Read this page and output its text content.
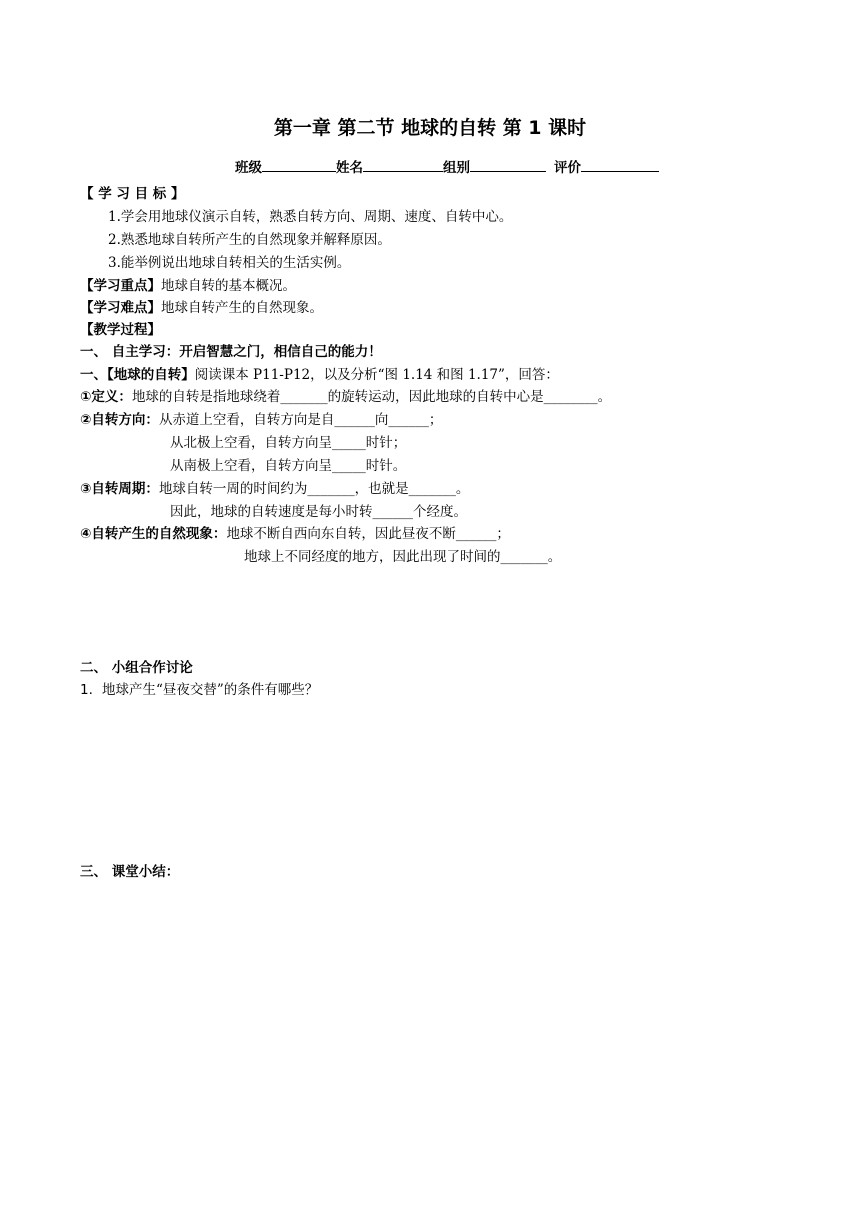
第一章 第二节 地球的自转 第 1 课时
班级	姓名	组别	评价
【 学 习 目 标 】
1.学会用地球仪演示自转，熟悉自转方向、周期、速度、自转中心。
2.熟悉地球自转所产生的自然现象并解释原因。
3.能举例说出地球自转相关的生活实例。
【学习重点】地球自转的基本概况。
【学习难点】地球自转产生的自然现象。
【教学过程】
一、 自主学习：开启智慧之门，相信自己的能力！
一、【地球的自转】阅读课本 P11-P12，以及分析“图 1.14 和图 1.17”，回答：
①定义：地球的自转是指地球绕着_______的旋转运动，因此地球的自转中心是________。
②自转方向：从赤道上空看，自转方向是自______向______；
从北极上空看，自转方向呈_____时针；
从南极上空看，自转方向呈_____时针。
③自转周期：地球自转一周的时间约为_______，也就是_______。
因此，地球的自转速度是每小时转______个经度。
④自转产生的自然现象：地球不断自西向东自转，因此昼夜不断______；
地球上不同经度的地方，因此出现了时间的_______。
二、 小组合作讨论
1. 地球产生“昼夜交替”的条件有哪些？
三、 课堂小结：
